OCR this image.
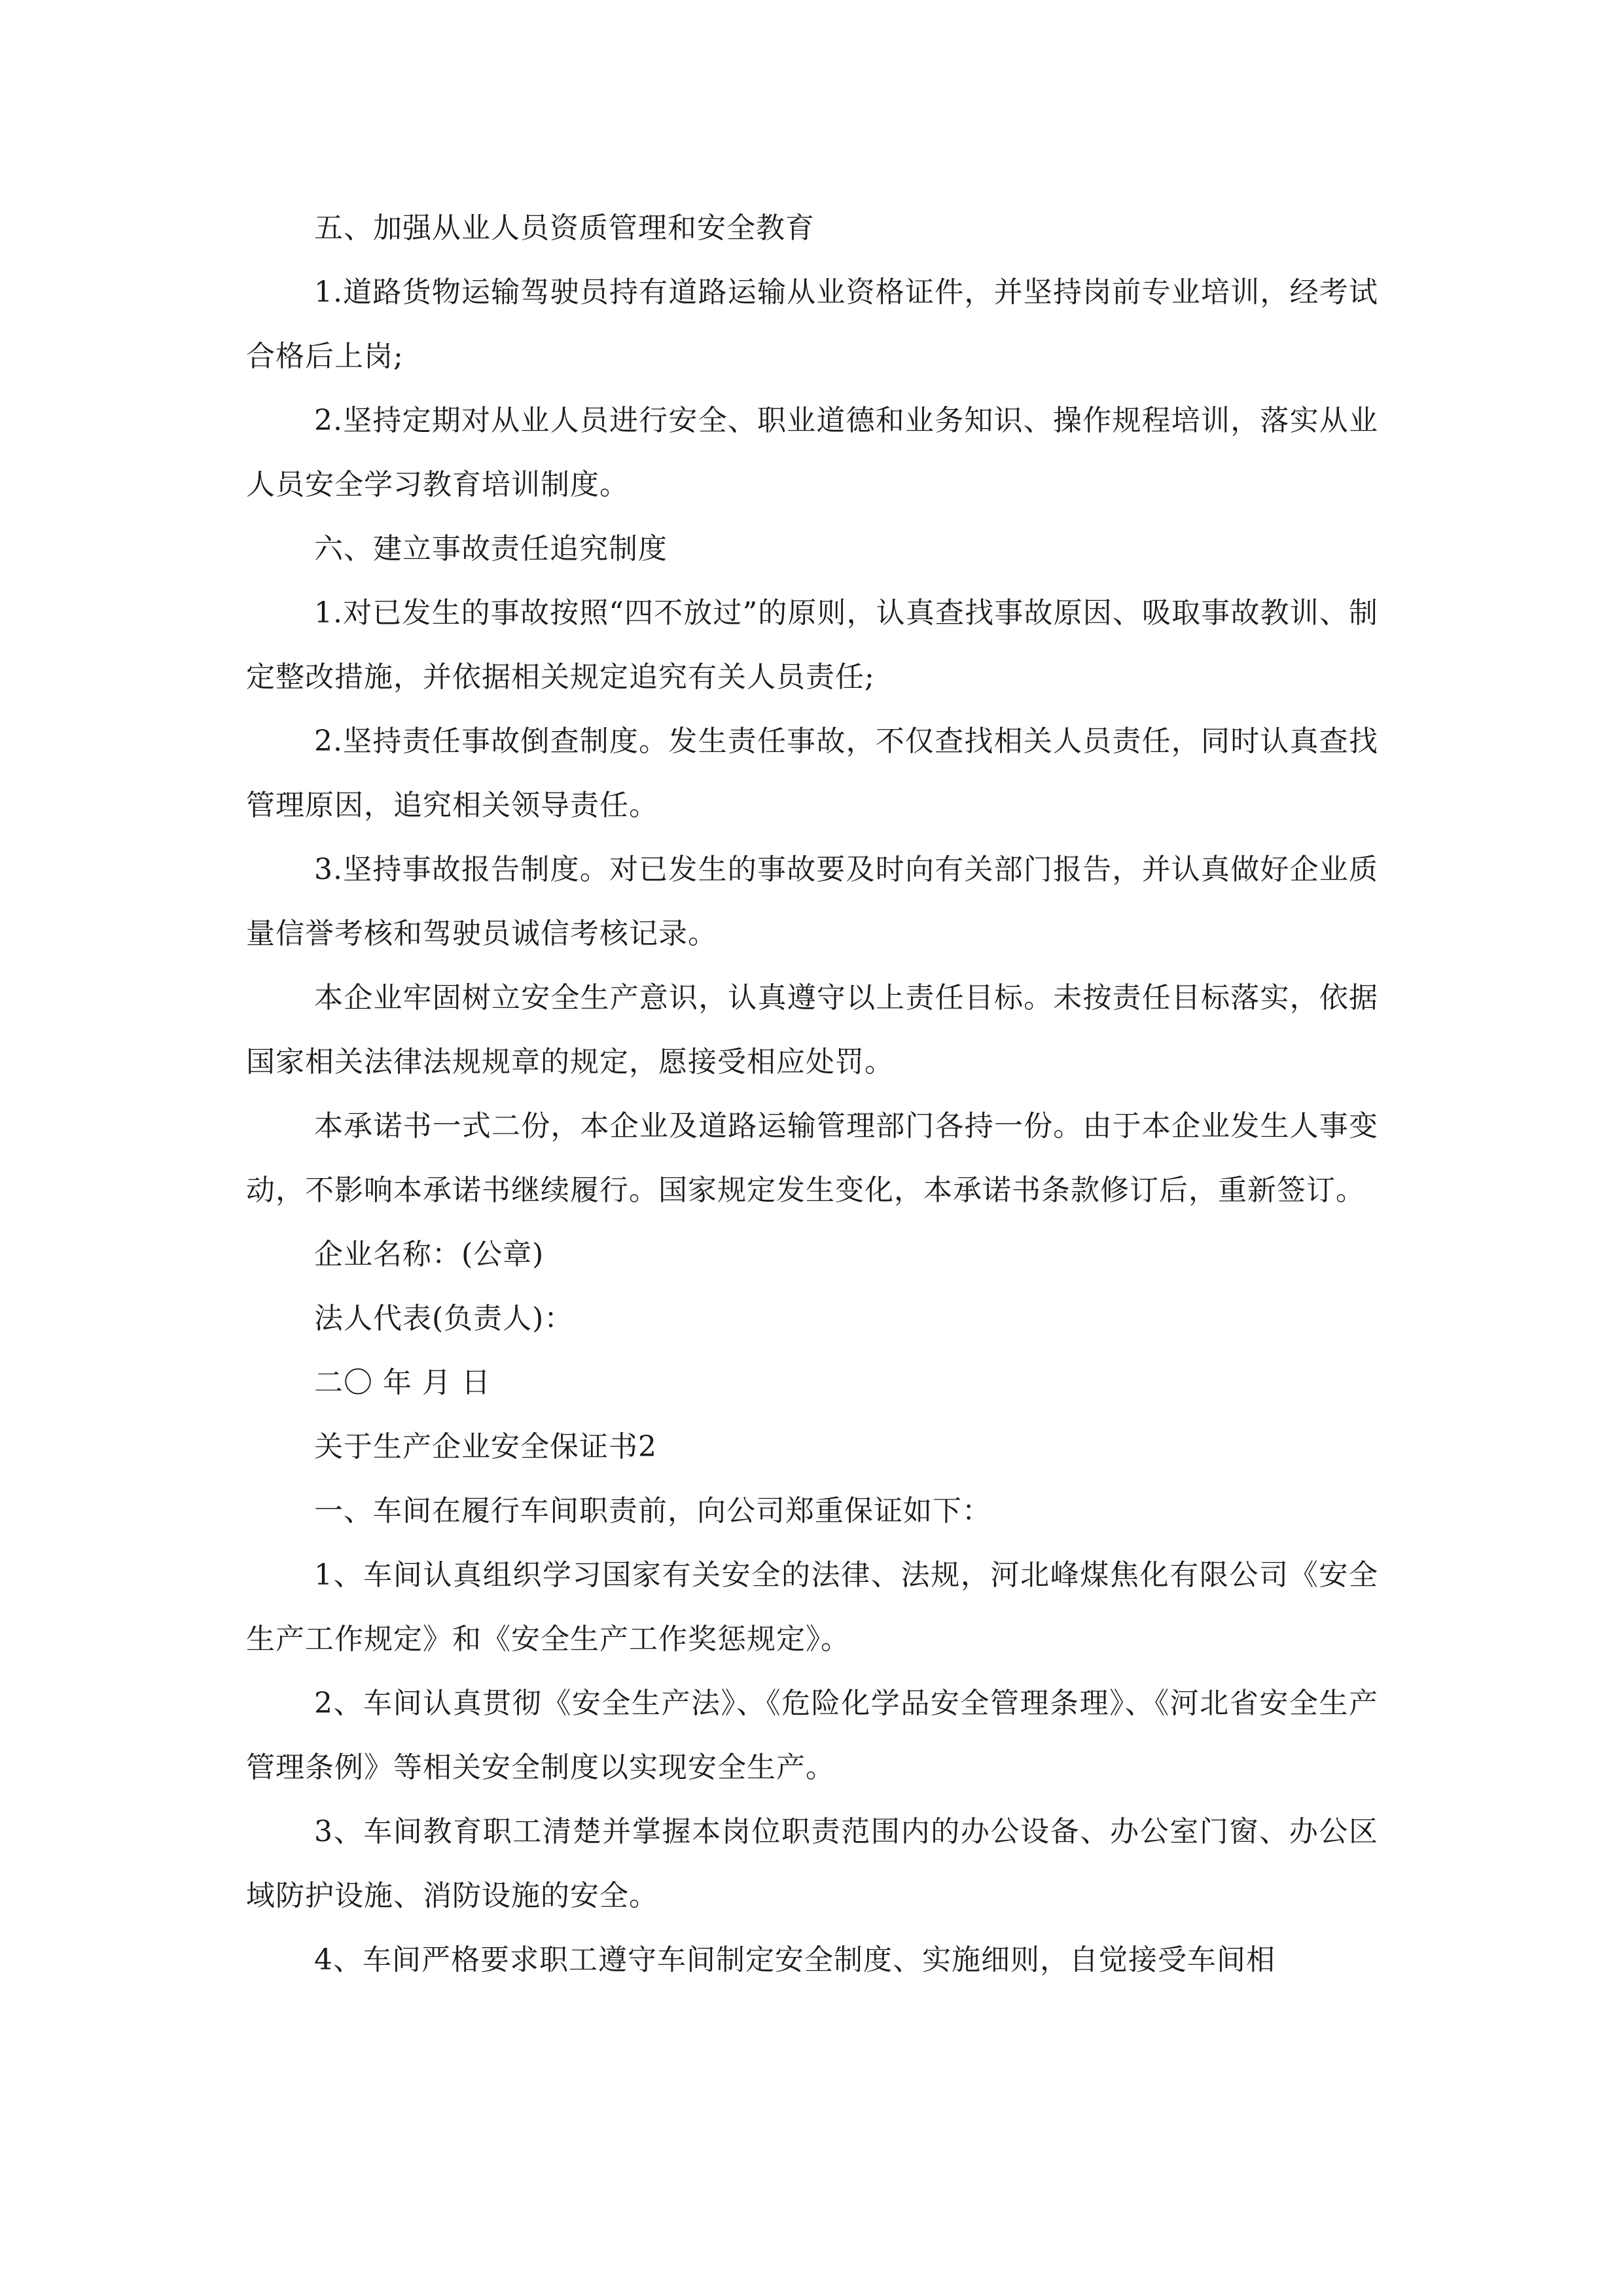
五、加强从业人员资质管理和安全教育

1.道路货物运输驾驶员持有道路运输从业资格证件，并坚持岗前专业培训，经考试合格后上岗;

2.坚持定期对从业人员进行安全、职业道德和业务知识、操作规程培训，落实从业人员安全学习教育培训制度。

六、建立事故责任追究制度

1.对已发生的事故按照“四不放过”的原则，认真查找事故原因、吸取事故教训、制定整改措施，并依据相关规定追究有关人员责任;

2.坚持责任事故倒查制度。发生责任事故，不仅查找相关人员责任，同时认真查找管理原因，追究相关领导责任。

3.坚持事故报告制度。对已发生的事故要及时向有关部门报告，并认真做好企业质量信誉考核和驾驶员诚信考核记录。

本企业牢固树立安全生产意识，认真遵守以上责任目标。未按责任目标落实，依据国家相关法律法规规章的规定，愿接受相应处罚。

本承诺书一式二份，本企业及道路运输管理部门各持一份。由于本企业发生人事变动，不影响本承诺书继续履行。国家规定发生变化，本承诺书条款修订后，重新签订。

企业名称：(公章)

法人代表(负责人)：

二〇 年 月 日

关于生产企业安全保证书2

一、车间在履行车间职责前，向公司郑重保证如下：

1、车间认真组织学习国家有关安全的法律、法规，河北峰煤焦化有限公司《安全生产工作规定》和《安全生产工作奖惩规定》。

2、车间认真贯彻《安全生产法》、《危险化学品安全管理条理》、《河北省安全生产管理条例》等相关安全制度以实现安全生产。

3、车间教育职工清楚并掌握本岗位职责范围内的办公设备、办公室门窗、办公区域防护设施、消防设施的安全。

4、车间严格要求职工遵守车间制定安全制度、实施细则，自觉接受车间相
